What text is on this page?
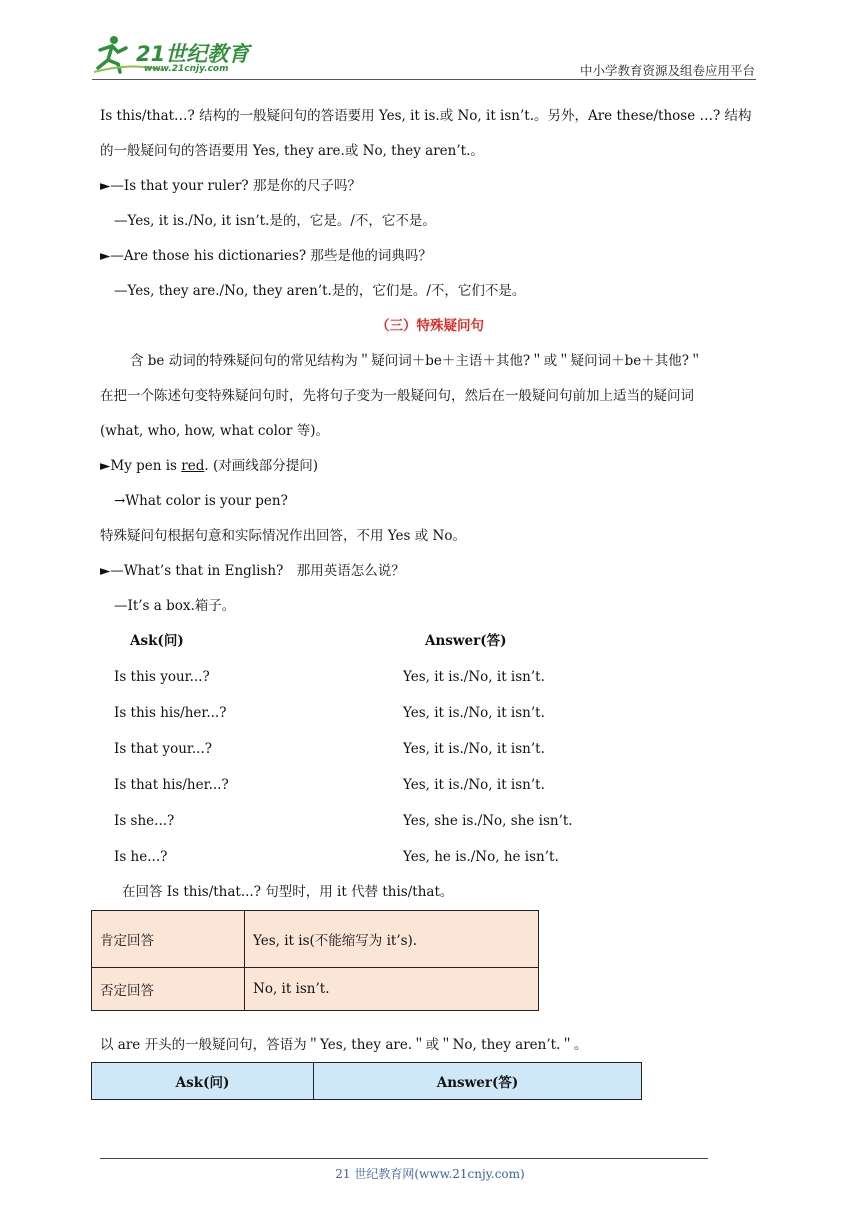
21世纪教育
www.21cnjy.com	中小学教育资源及组卷应用平台
Is this/that…? 结构的一般疑问句的答语要用 Yes, it is.或 No, it isn’t.。另外，Are these/those …? 结构
的一般疑问句的答语要用 Yes, they are.或 No, they aren’t.。
►—Is that your ruler? 那是你的尺子吗？
—Yes, it is./No, it isn’t.是的，它是。/不，它不是。
►—Are those his dictionaries? 那些是他的词典吗？
—Yes, they are./No, they aren’t.是的，它们是。/不，它们不是。
（三）特殊疑问句
含 be 动词的特殊疑问句的常见结构为＂疑问词＋be＋主语＋其他?＂或＂疑问词＋be＋其他?＂
在把一个陈述句变特殊疑问句时，先将句子变为一般疑问句，然后在一般疑问句前加上适当的疑问词
(what, who, how, what color 等)。
►My pen is red. (对画线部分提问)
→What color is your pen?
特殊疑问句根据句意和实际情况作出回答，不用 Yes 或 No。
►—What’s that in English?　那用英语怎么说？
—It’s a box.箱子。
Ask(问)	Answer(答)
Is this your...?	Yes, it is./No, it isn’t.
Is this his/her...?	Yes, it is./No, it isn’t.
Is that your...?	Yes, it is./No, it isn’t.
Is that his/her...?	Yes, it is./No, it isn’t.
Is she...?	Yes, she is./No, she isn’t.
Is he...?	Yes, he is./No, he isn’t.
在回答 Is this/that...? 句型时，用 it 代替 this/that。
肯定回答	Yes, it is(不能缩写为 it’s).
否定回答	No, it isn’t.
以 are 开头的一般疑问句，答语为＂Yes, they are.＂或＂No, they aren’t.＂。
Ask(问)	Answer(答)
21 世纪教育网(www.21cnjy.com)
